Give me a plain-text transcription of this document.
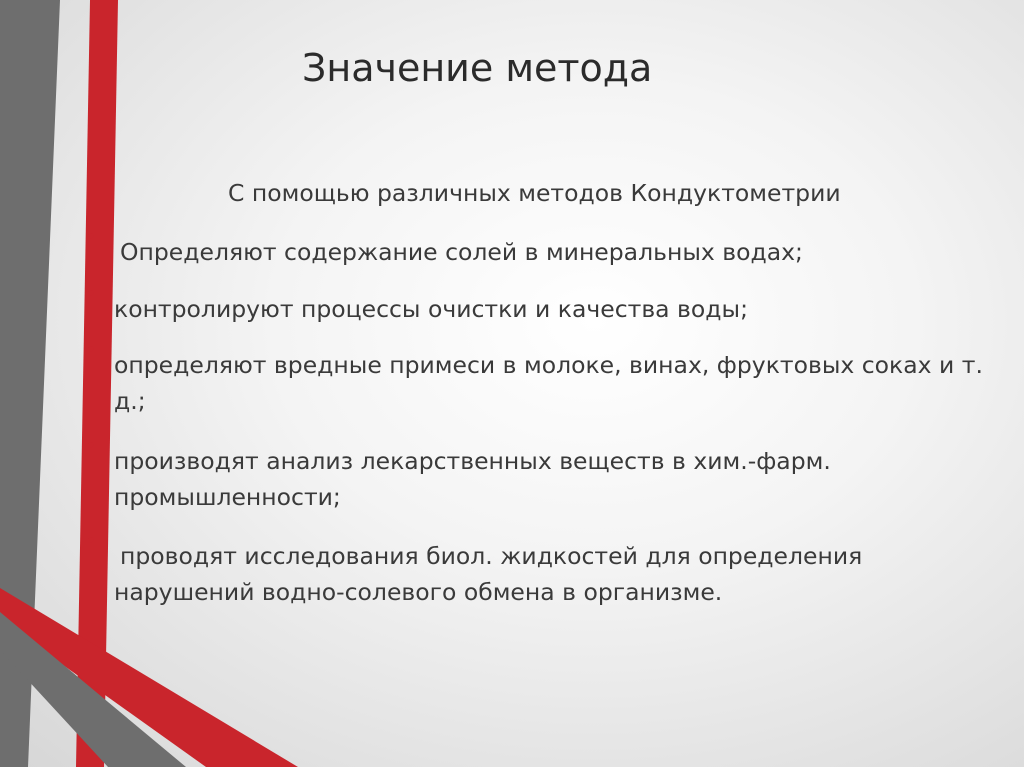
Значение метода
С помощью различных методов Кондуктометрии
•
Определяют содержание солей в минеральных водах;
•
контролируют процессы очистки и качества воды;
•
определяют вредные примеси в молоке, винах, фруктовых соках и т. д.;
•
производят анализ лекарственных веществ в хим.-фарм. промышленности;
•
проводят исследования биол. жидкостей для определения нарушений водно-солевого обмена в организме.
